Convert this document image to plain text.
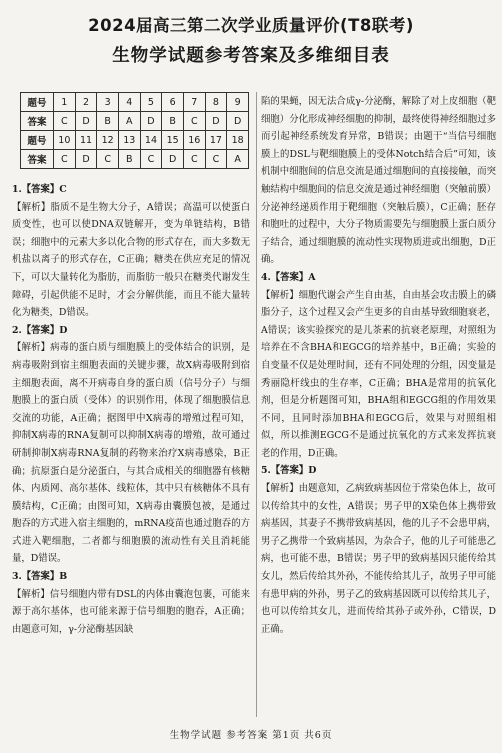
2024届高三第二次学业质量评价(T8联考)
生物学试题参考答案及多维细目表
题号	1	2	3	4	5	6	7	8	9
答案	C	D	B	A	D	B	C	D	D
题号	10	11	12	13	14	15	16	17	18
答案	C	D	C	B	C	D	C	C	A
1.【答案】C
【解析】脂质不是生物大分子，A错误；高温可以使蛋白质变性，也可以使DNA双链解开，变为单链结构，B错误；细胞中的元素大多以化合物的形式存在，而大多数无机盐以离子的形式存在，C正确；糖类在供应充足的情况下，可以大量转化为脂肪，而脂肪一般只在糖类代谢发生障碍，引起供能不足时，才会分解供能，而且不能大量转化为糖类，D错误。
2.【答案】D
【解析】病毒的蛋白质与细胞膜上的受体结合的识别，是病毒吸附到宿主细胞表面的关键步骤，故X病毒吸附到宿主细胞表面，离不开病毒自身的蛋白质（信号分子）与细胞膜上的蛋白质（受体）的识别作用，体现了细胞膜信息交流的功能，A正确；据图甲中X病毒的增殖过程可知，抑制X病毒的RNA复制可以抑制X病毒的增殖，故可通过研制抑制X病毒RNA复制的药物来治疗X病毒感染，B正确；抗原蛋白是分泌蛋白，与其合成相关的细胞器有核糖体、内质网、高尔基体、线粒体，其中只有核糖体不具有膜结构，C正确；由图可知，X病毒由囊膜包被，是通过胞吞的方式进入宿主细胞的，mRNA疫苗也通过胞吞的方式进入靶细胞，二者都与细胞膜的流动性有关且消耗能量，D错误。
3.【答案】B
【解析】信号细胞内带有DSL的内体由囊泡包裹，可能来源于高尔基体，也可能来源于信号细胞的胞吞，A正确；由题意可知，γ-分泌酶基因缺
陷的果蝇，因无法合成γ-分泌酶，解除了对上皮细胞（靶细胞）分化形成神经细胞的抑制，最终使得神经细胞过多而引起神经系统发育异常，B错误；由题干“当信号细胞膜上的DSL与靶细胞膜上的受体Notch结合后”可知，该机制中细胞间的信息交流是通过细胞间的直接接触，而突触结构中细胞间的信息交流是通过神经细胞（突触前膜）分泌神经递质作用于靶细胞（突触后膜），C正确；胚存和胞吐的过程中，大分子物质需要先与细胞膜上蛋白质分子结合，通过细胞膜的流动性实现物质进或出细胞，D正确。
4.【答案】A
【解析】细胞代谢会产生自由基，自由基会攻击膜上的磷脂分子，这个过程又会产生更多的自由基导致细胞衰老，A错误；该实验探究的是儿茶素的抗衰老原理，对照组为培养在不含BHA和EGCG的培养基中，B正确；实验的自变量不仅是处理时间，还有不同处理的分组，因变量是秀丽隐杆线虫的生存率，C正确；BHA是常用的抗氧化剂，但是分析题图可知，BHA组和EGCG组的作用效果不同，且同时添加BHA和EGCG后，效果与对照组相似，所以推测EGCG不是通过抗氧化的方式来发挥抗衰老的作用，D正确。
5.【答案】D
【解析】由题意知，乙病致病基因位于常染色体上，故可以传给其中的女性，A错误；男子甲的X染色体上携带致病基因，其妻子不携带致病基因，他的儿子不会患甲病，男子乙携带一个致病基因，为杂合子，他的儿子可能患乙病，也可能不患，B错误；男子甲的致病基因只能传给其女儿，然后传给其外孙，不能传给其儿子，故男子甲可能有患甲病的外孙，男子乙的致病基因既可以传给其儿子，也可以传给其女儿，进而传给其孙子或外孙，C错误，D正确。
生物学试题 参考答案 第1页 共6页
